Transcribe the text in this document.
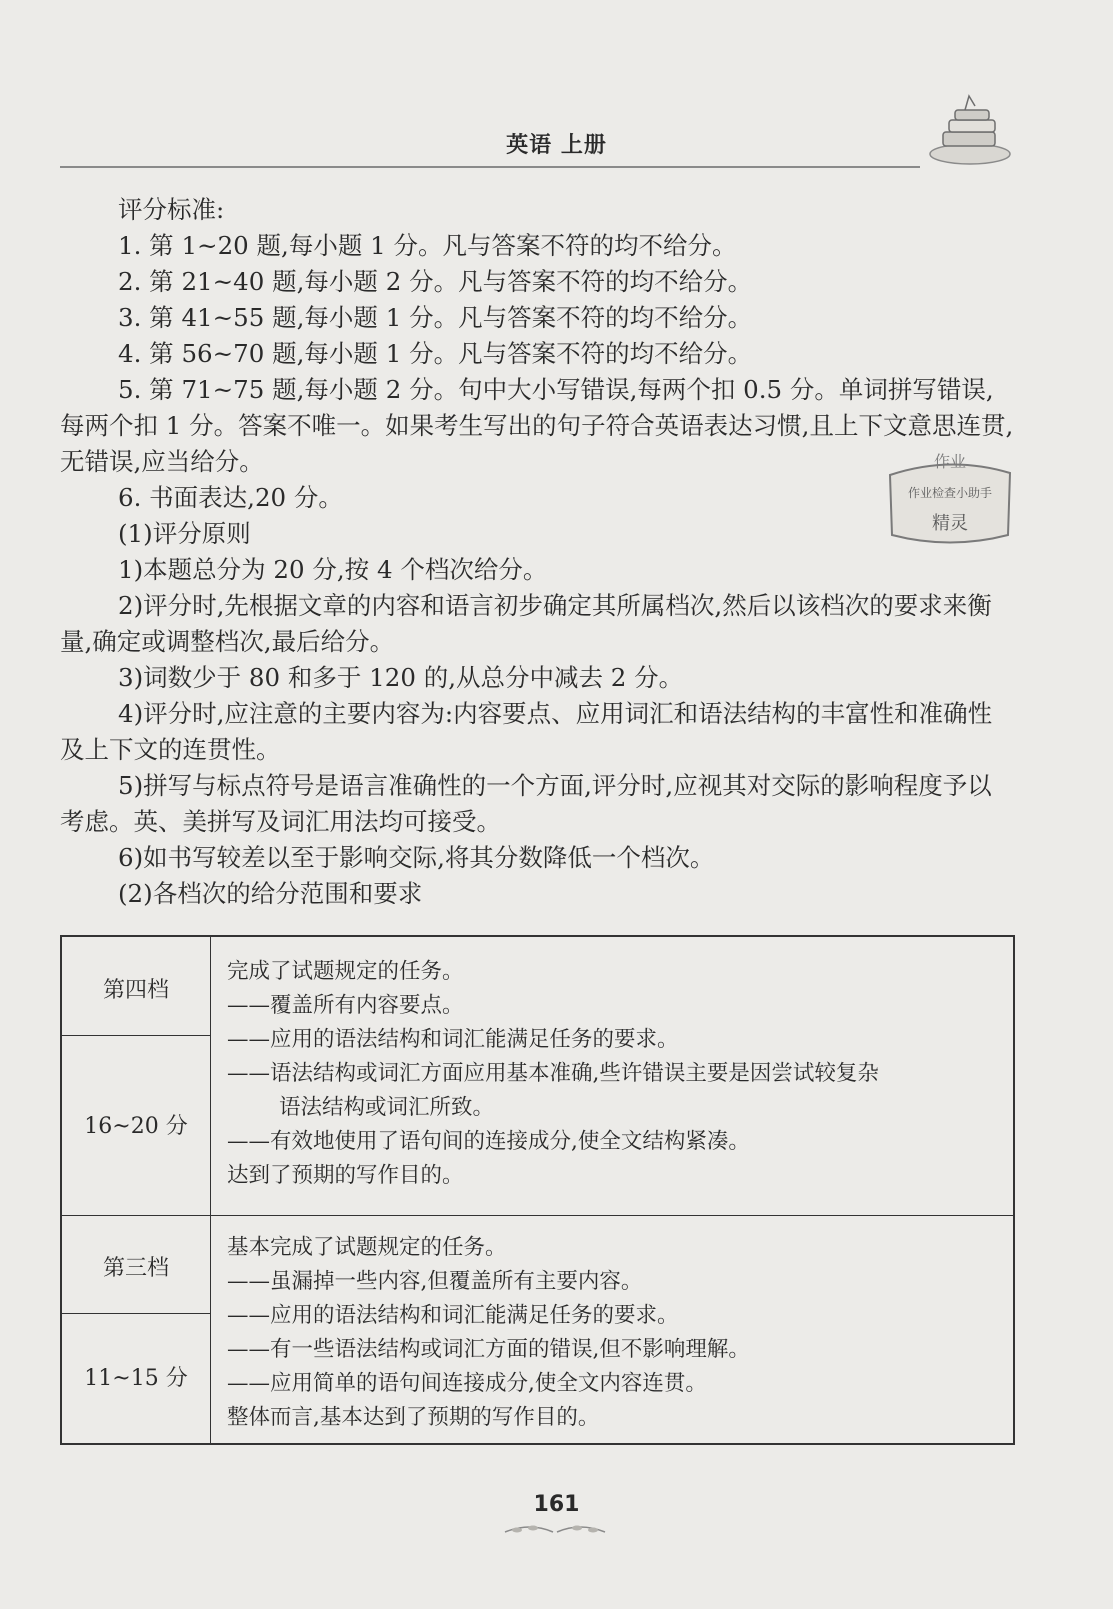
英语 上册

评分标准:

1. 第 1~20 题,每小题 1 分。凡与答案不符的均不给分。

2. 第 21~40 题,每小题 2 分。凡与答案不符的均不给分。

3. 第 41~55 题,每小题 1 分。凡与答案不符的均不给分。

4. 第 56~70 题,每小题 1 分。凡与答案不符的均不给分。

5. 第 71~75 题,每小题 2 分。句中大小写错误,每两个扣 0.5 分。单词拼写错误,每两个扣 1 分。答案不唯一。如果考生写出的句子符合英语表达习惯,且上下文意思连贯,无错误,应当给分。

6. 书面表达,20 分。

(1)评分原则

1)本题总分为 20 分,按 4 个档次给分。

2)评分时,先根据文章的内容和语言初步确定其所属档次,然后以该档次的要求来衡量,确定或调整档次,最后给分。

3)词数少于 80 和多于 120 的,从总分中减去 2 分。

4)评分时,应注意的主要内容为:内容要点、应用词汇和语法结构的丰富性和准确性及上下文的连贯性。

5)拼写与标点符号是语言准确性的一个方面,评分时,应视其对交际的影响程度予以考虑。英、美拼写及词汇用法均可接受。

6)如书写较差以至于影响交际,将其分数降低一个档次。

(2)各档次的给分范围和要求

作业
作业检查小助手
精灵
第四档
16~20 分
完成了试题规定的任务。
——覆盖所有内容要点。
——应用的语法结构和词汇能满足任务的要求。
——语法结构或词汇方面应用基本准确,些许错误主要是因尝试较复杂
语法结构或词汇所致。
——有效地使用了语句间的连接成分,使全文结构紧凑。
达到了预期的写作目的。
第三档
11~15 分
基本完成了试题规定的任务。
——虽漏掉一些内容,但覆盖所有主要内容。
——应用的语法结构和词汇能满足任务的要求。
——有一些语法结构或词汇方面的错误,但不影响理解。
——应用简单的语句间连接成分,使全文内容连贯。
整体而言,基本达到了预期的写作目的。
161
